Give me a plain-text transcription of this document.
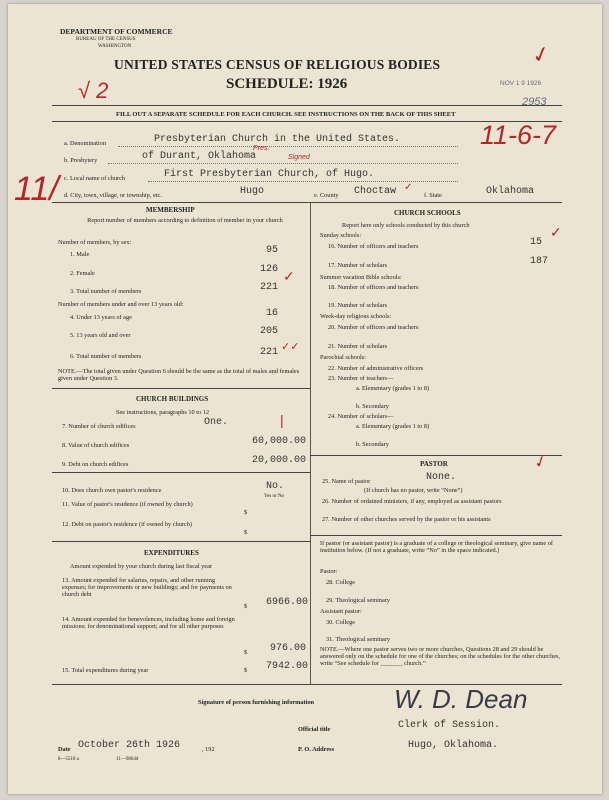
DEPARTMENT OF COMMERCE
BUREAU OF THE CENSUS
WASHINGTON
UNITED STATES CENSUS OF RELIGIOUS BODIES
SCHEDULE: 1926	NOV 1 9 1926
2953
√ 2
✓
FILL OUT A SEPARATE SCHEDULE FOR EACH CHURCH. SEE INSTRUCTIONS ON THE BACK OF THIS SHEET
11-6-7
11/
a. Denomination	Presbyterian Church in the United States.
b. Presbytery	of Durant, Oklahoma
Pres.
Signed
c. Local name of church	First Presbyterian Church, of Hugo.
d. City, town, village, or township, etc.	Hugo	e. County Choctaw ✓
f. State	Oklahoma
MEMBERSHIP
Report number of members according to definition of member in your church
Number of members, by sex:
1. Male	95
2. Female	126
3. Total number of members	221
✓
Number of members under and over 13 years old:
4. Under 13 years of age	16
5. 13 years old and over	205
6. Total number of members	221 ✓✓
NOTE.—The total given under Question 6 should be the same as the total of males and females given under Question 3.
CHURCH BUILDINGS
See instructions, paragraphs 10 to 12
7. Number of church edifices	One.	|
8. Value of church edifices	60,000.00
9. Debt on church edifices	20,000.00
10. Does church own pastor's residence	No.
Yes or No
11. Value of pastor's residence (if owned by church)
$
12. Debt on pastor's residence (if owned by church)
$
EXPENDITURES
Amount expended by your church during last fiscal year
13. Amount expended for salaries, repairs, and other running expenses; for improvements or new buildings; and for payments on church debt
$ 6966.00
14. Amount expended for benevolences, including home and foreign missions; for denominational support; and for all other purposes
$ 976.00
15. Total expenditures during year	$ 7942.00
CHURCH SCHOOLS
Report here only schools conducted by this church
Sunday schools:
16. Number of officers and teachers	15
✓
17. Number of scholars	187
Summer vacation Bible schools:
18. Number of officers and teachers
19. Number of scholars
Week-day religious schools:
20. Number of officers and teachers
21. Number of scholars
Parochial schools:
22. Number of administrative officers
23. Number of teachers—
a. Elementary (grades 1 to 8)
b. Secondary
24. Number of scholars—
a. Elementary (grades 1 to 8)
b. Secondary
PASTOR	✓
25. Name of pastor	None.
(If church has no pastor, write “None”)
26. Number of ordained ministers, if any, employed as assistant pastors
27. Number of other churches served by the pastor or his assistants
If pastor (or assistant pastor) is a graduate of a college or theological seminary, give name of institution below. (If not a graduate, write “No” in the space indicated.)
Pastor:
28. College
29. Theological seminary
Assistant pastor:
30. College
31. Theological seminary
NOTE.—Where one pastor serves two or more churches, Questions 28 and 29 should be answered only on the schedule for one of the churches; on the schedules for the other churches, write “See schedule for _______ church.”
Signature of person furnishing information	W. D. Dean
Official title	Clerk of Session.
Date October 26th 1926	, 192	P. O. Address	Hugo, Oklahoma.
8—5518 a	11—9864d
